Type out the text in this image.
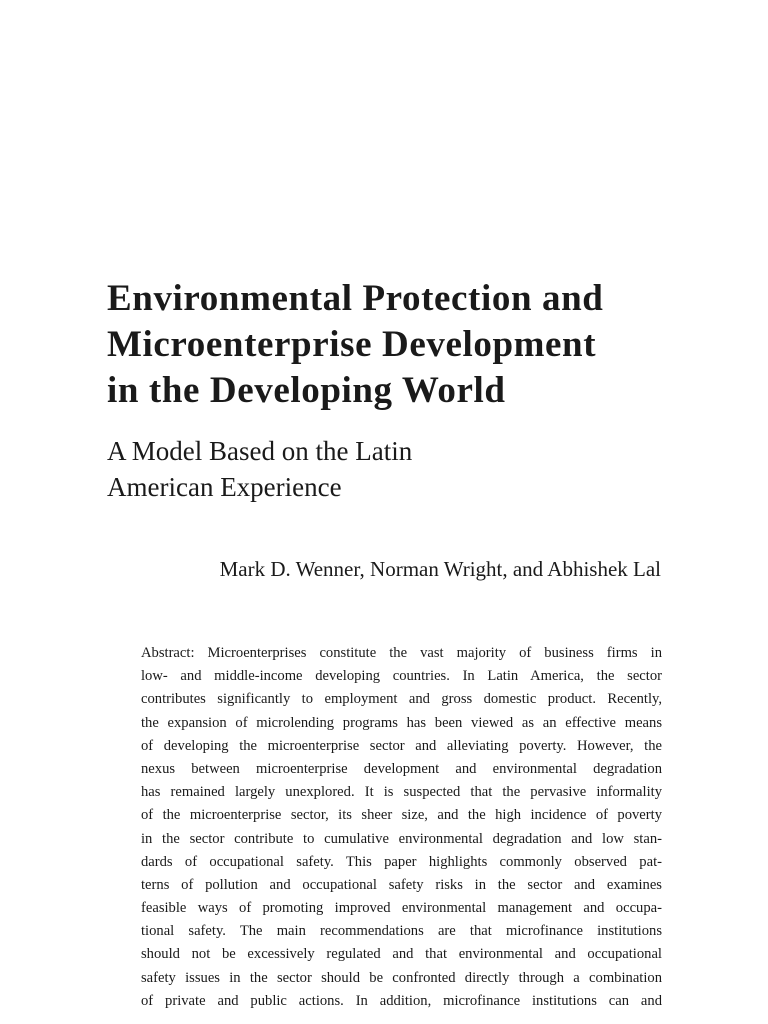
Environmental Protection and
Microenterprise Development
in the Developing World
A Model Based on the Latin
American Experience

Mark D. Wenner, Norman Wright, and Abhishek Lal

Abstract: Microenterprises constitute the vast majority of business firms in
low- and middle-income developing countries. In Latin America, the sector
contributes significantly to employment and gross domestic product. Recently,
the expansion of microlending programs has been viewed as an effective means
of developing the microenterprise sector and alleviating poverty. However, the
nexus between microenterprise development and environmental degradation
has remained largely unexplored. It is suspected that the pervasive informality
of the microenterprise sector, its sheer size, and the high incidence of poverty
in the sector contribute to cumulative environmental degradation and low stan-
dards of occupational safety. This paper highlights commonly observed pat-
terns of pollution and occupational safety risks in the sector and examines
feasible ways of promoting improved environmental management and occupa-
tional safety. The main recommendations are that microfinance institutions
should not be excessively regulated and that environmental and occupational
safety issues in the sector should be confronted directly through a combination
of private and public actions. In addition, microfinance institutions can and
